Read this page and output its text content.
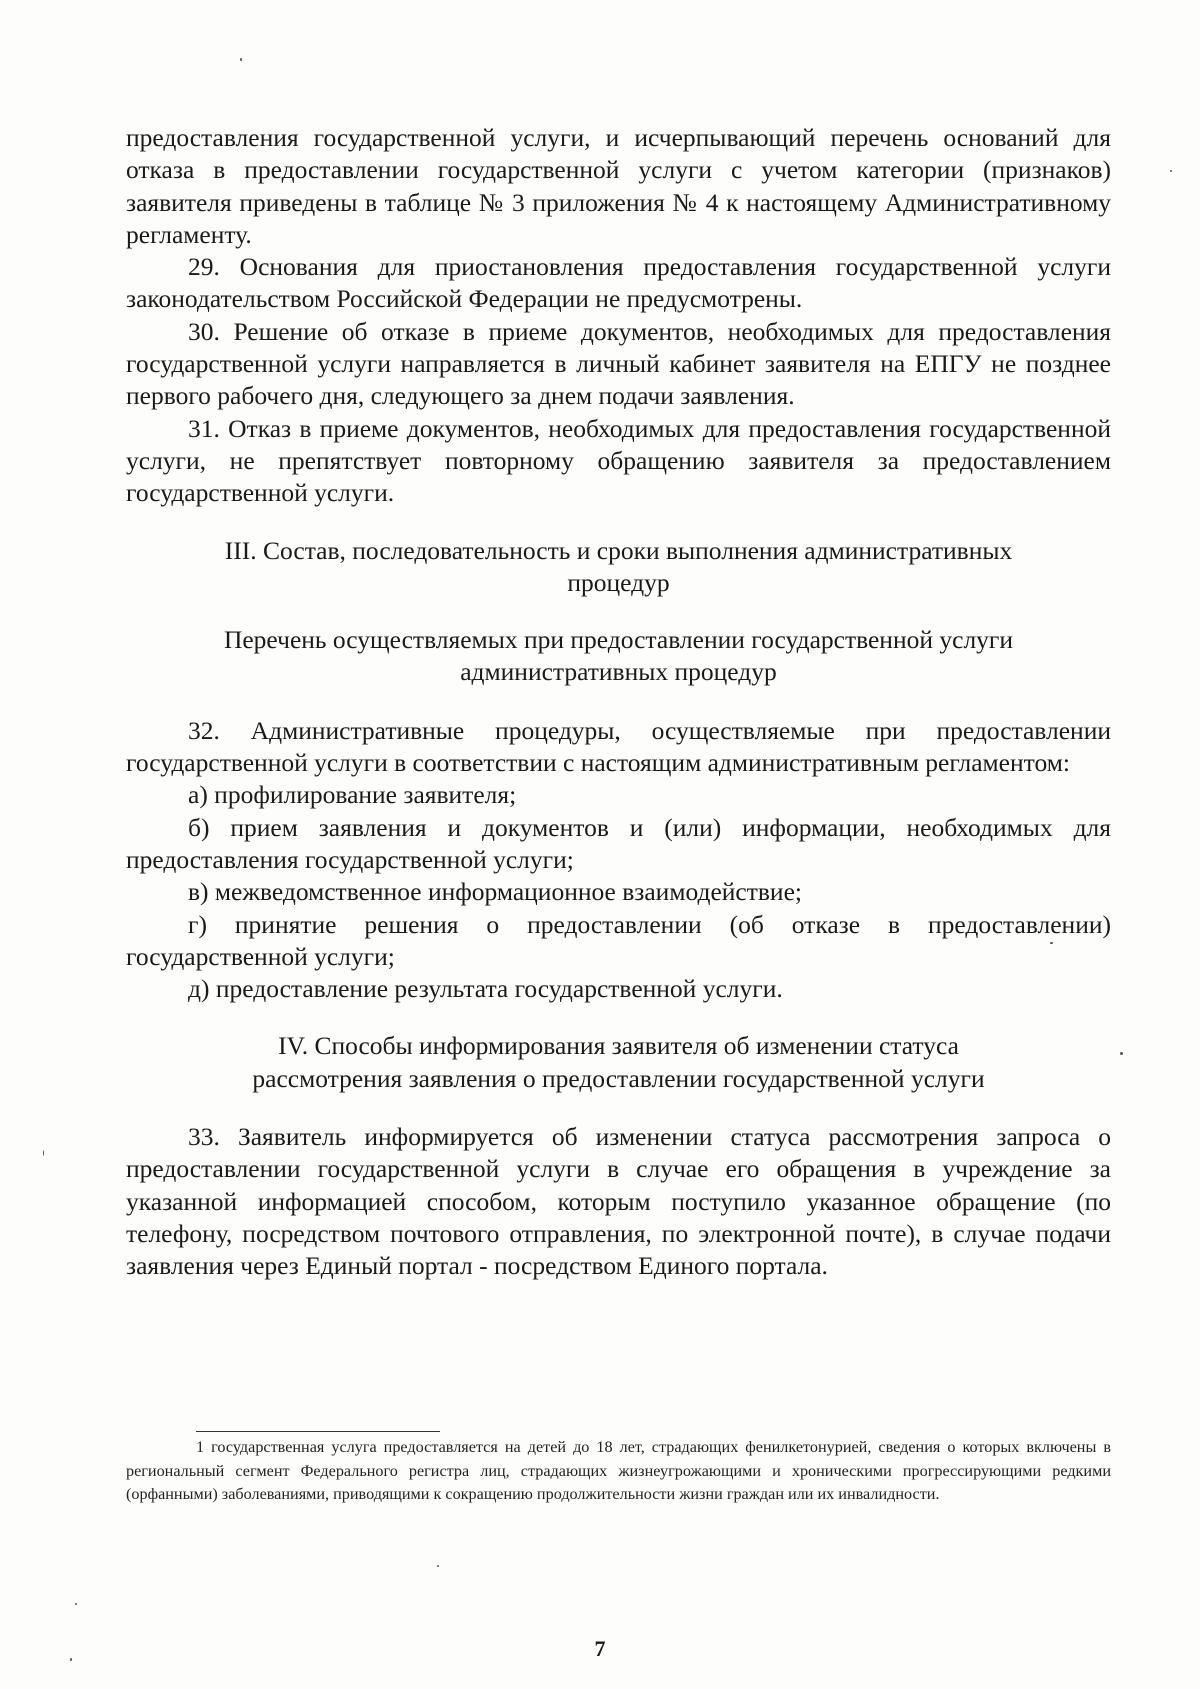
предоставления государственной услуги, и исчерпывающий перечень оснований для отказа в предоставлении государственной услуги с учетом категории (признаков) заявителя приведены в таблице № 3 приложения № 4 к настоящему Административному регламенту.

29. Основания для приостановления предоставления государственной услуги законодательством Российской Федерации не предусмотрены.

30. Решение об отказе в приеме документов, необходимых для предоставления государственной услуги направляется в личный кабинет заявителя на ЕПГУ не позднее первого рабочего дня, следующего за днем подачи заявления.

31. Отказ в приеме документов, необходимых для предоставления государственной услуги, не препятствует повторному обращению заявителя за предоставлением государственной услуги.

III. Состав, последовательность и сроки выполнения административных
процедур
Перечень осуществляемых при предоставлении государственной услуги
административных процедур

32. Административные процедуры, осуществляемые при предоставлении государственной услуги в соответствии с настоящим административным регламентом:

а) профилирование заявителя;

б) прием заявления и документов и (или) информации, необходимых для предоставления государственной услуги;

в) межведомственное информационное взаимодействие;

г) принятие решения о предоставлении (об отказе в предоставлении) государственной услуги;

д) предоставление результата государственной услуги.

IV. Способы информирования заявителя об изменении статуса
рассмотрения заявления о предоставлении государственной услуги

33. Заявитель информируется об изменении статуса рассмотрения запроса о предоставлении государственной услуги в случае его обращения в учреждение за указанной информацией способом, которым поступило указанное обращение (по телефону, посредством почтового отправления, по электронной почте), в случае подачи заявления через Единый портал - посредством Единого портала.

1 государственная услуга предоставляется на детей до 18 лет, страдающих фенилкетонурией, сведения о которых включены в региональный сегмент Федерального регистра лиц, страдающих жизнеугрожающими и хроническими прогрессирующими редкими (орфанными) заболеваниями, приводящими к сокращению продолжительности жизни граждан или их инвалидности.

7
